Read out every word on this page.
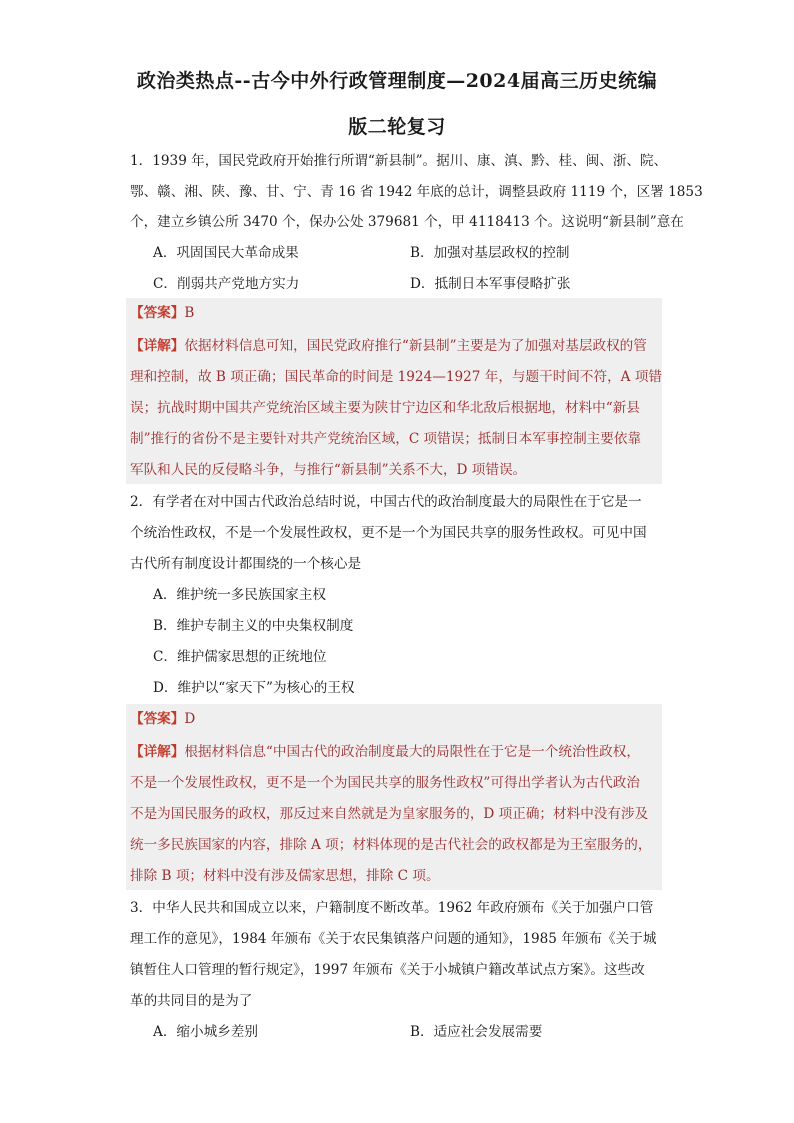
政治类热点--古今中外行政管理制度—2024届高三历史统编
版二轮复习
1．1939 年，国民党政府开始推行所谓“新县制”。据川、康、滇、黔、桂、闽、浙、院、
鄂、赣、湘、陕、豫、甘、宁、青 16 省 1942 年底的总计，调整县政府 1119 个，区署 1853
个，建立乡镇公所 3470 个，保办公处 379681 个，甲 4118413 个。这说明“新县制”意在
A．巩固国民大革命成果	B．加强对基层政权的控制
C．削弱共产党地方实力	D．抵制日本军事侵略扩张
【答案】B
【详解】依据材料信息可知，国民党政府推行“新县制”主要是为了加强对基层政权的管
理和控制，故 B 项正确；国民革命的时间是 1924—1927 年，与题干时间不符，A 项错
误；抗战时期中国共产党统治区域主要为陕甘宁边区和华北敌后根据地，材料中“新县
制”推行的省份不是主要针对共产党统治区域，C 项错误；抵制日本军事控制主要依靠
军队和人民的反侵略斗争，与推行“新县制”关系不大，D 项错误。
2．有学者在对中国古代政治总结时说，中国古代的政治制度最大的局限性在于它是一
个统治性政权，不是一个发展性政权，更不是一个为国民共享的服务性政权。可见中国
古代所有制度设计都围绕的一个核心是
A．维护统一多民族国家主权
B．维护专制主义的中央集权制度
C．维护儒家思想的正统地位
D．维护以“家天下”为核心的王权
【答案】D
【详解】根据材料信息“中国古代的政治制度最大的局限性在于它是一个统治性政权，
不是一个发展性政权，更不是一个为国民共享的服务性政权”可得出学者认为古代政治
不是为国民服务的政权，那反过来自然就是为皇家服务的，D 项正确；材料中没有涉及
统一多民族国家的内容，排除 A 项；材料体现的是古代社会的政权都是为王室服务的，
排除 B 项；材料中没有涉及儒家思想，排除 C 项。
3．中华人民共和国成立以来，户籍制度不断改革。1962 年政府颁布《关于加强户口管
理工作的意见》，1984 年颁布《关于农民集镇落户问题的通知》，1985 年颁布《关于城
镇暂住人口管理的暂行规定》，1997 年颁布《关于小城镇户籍改革试点方案》。这些改
革的共同目的是为了
A．缩小城乡差别	B．适应社会发展需要
